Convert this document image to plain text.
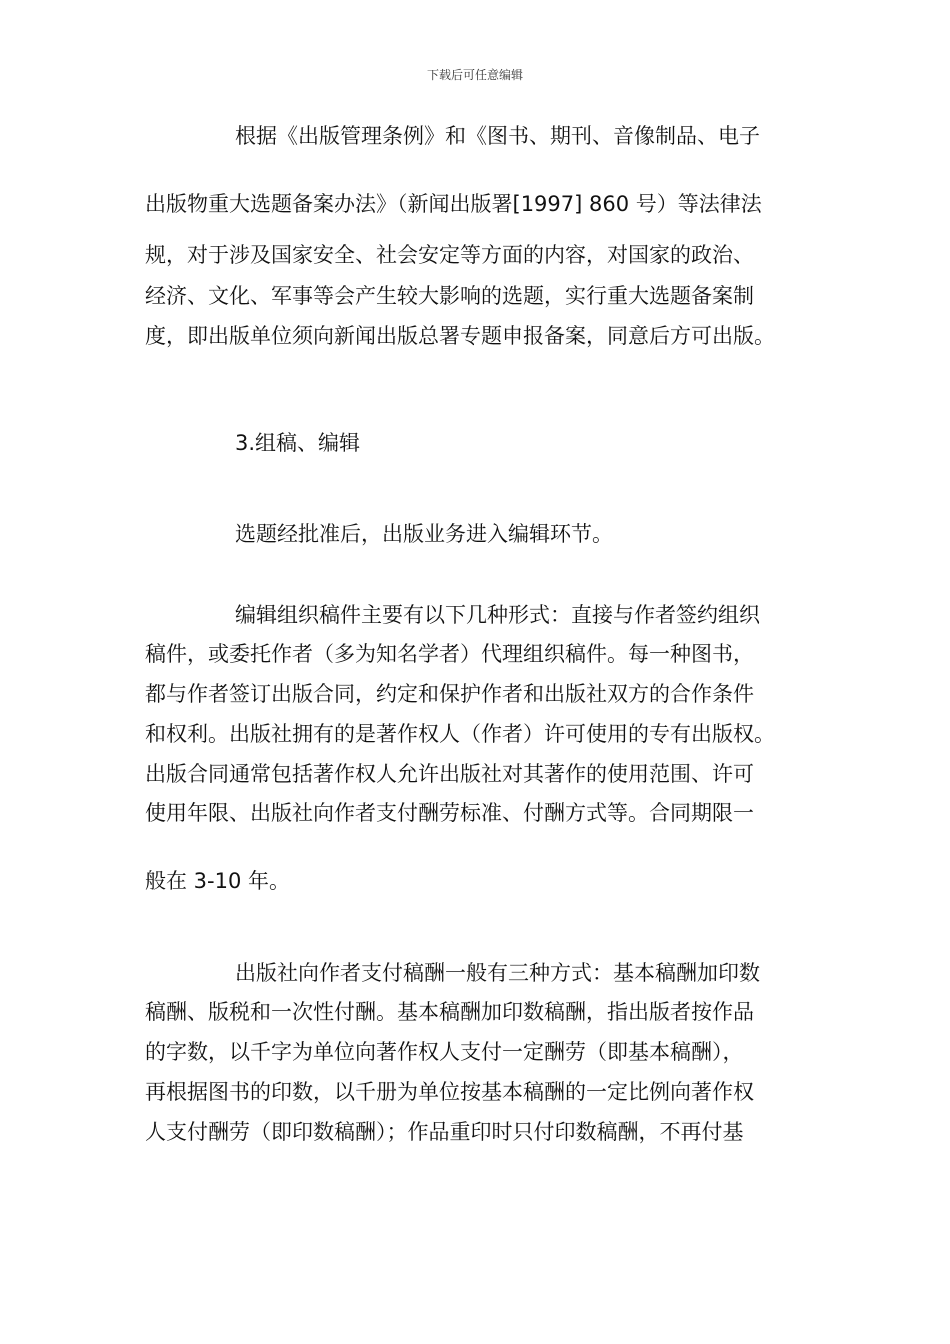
下载后可任意编辑
根据《出版管理条例》和《图书、期刊、音像制品、电子
出版物重大选题备案办法》（新闻出版署[1997] 860 号）等法律法
规，对于涉及国家安全、社会安定等方面的内容，对国家的政治、
经济、文化、军事等会产生较大影响的选题，实行重大选题备案制
度，即出版单位须向新闻出版总署专题申报备案，同意后方可出版。
3.组稿、编辑
选题经批准后，出版业务进入编辑环节。
编辑组织稿件主要有以下几种形式：直接与作者签约组织
稿件，或委托作者（多为知名学者）代理组织稿件。每一种图书，
都与作者签订出版合同，约定和保护作者和出版社双方的合作条件
和权利。出版社拥有的是著作权人（作者）许可使用的专有出版权。
出版合同通常包括著作权人允许出版社对其著作的使用范围、许可
使用年限、出版社向作者支付酬劳标准、付酬方式等。合同期限一
般在 3-10 年。
出版社向作者支付稿酬一般有三种方式：基本稿酬加印数
稿酬、版税和一次性付酬。基本稿酬加印数稿酬，指出版者按作品
的字数，以千字为单位向著作权人支付一定酬劳（即基本稿酬），
再根据图书的印数，以千册为单位按基本稿酬的一定比例向著作权
人支付酬劳（即印数稿酬）；作品重印时只付印数稿酬，不再付基
